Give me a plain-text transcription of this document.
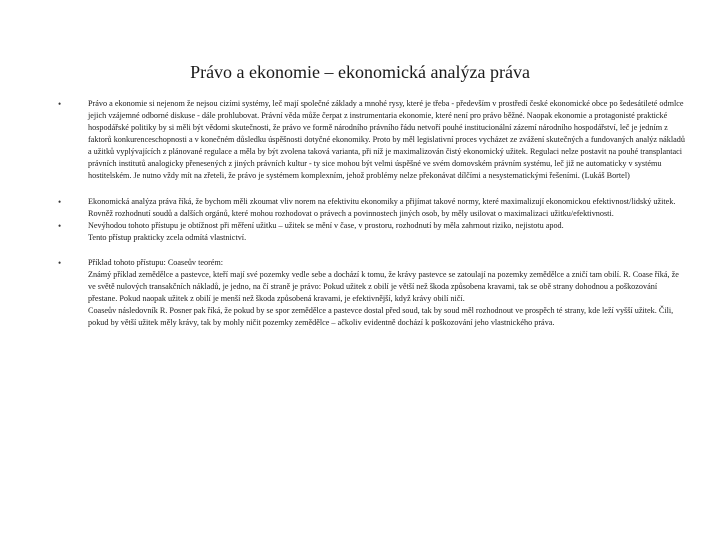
Právo a ekonomie – ekonomická analýza práva
•	Právo a ekonomie si nejenom že nejsou cizími systémy, leč mají společné základy a mnohé rysy, které je třeba - především v prostředí české ekonomické obce po šedesátileté odmlce jejich vzájemné odborné diskuse - dále prohlubovat. Právní věda může čerpat z instrumentaria ekonomie, které není pro právo běžné. Naopak ekonomie a protagonisté praktické hospodářské politiky by si měli být vědomi skutečnosti, že právo ve formě národního právního řádu netvoří pouhé institucionální zázemí národního hospodářství, leč je jedním z faktorů konkurenceschopnosti a v konečném důsledku úspěšnosti dotyčné ekonomiky. Proto by měl legislativní proces vycházet ze zvážení skutečných a fundovaných analýz nákladů a užitků vyplývajících z plánované regulace a měla by být zvolena taková varianta, při níž je maximalizován čistý ekonomický užitek. Regulaci nelze postavit na pouhé transplantaci právních institutů analogicky přenesených z jiných právních kultur - ty sice mohou být velmi úspěšné ve svém domovském právním systému, leč již ne automaticky v systému hostitelském. Je nutno vždy mít na zřeteli, že právo je systémem komplexním, jehož problémy nelze překonávat dílčími a nesystematickými řešeními. (Lukáš Bortel)

•	Ekonomická analýza práva říká, že bychom měli zkoumat vliv norem na efektivitu ekonomiky a přijímat takové normy, které maximalizují ekonomickou efektivnost/lidský užitek. Rovněž rozhodnutí soudů a dalších orgánů, které mohou rozhodovat o právech a povinnostech jiných osob, by měly usilovat o maximalizaci užitku/efektivnosti.

•	Nevýhodou tohoto přístupu je obtížnost při měření užitku – užitek se mění v čase, v prostoru, rozhodnutí by měla zahrnout riziko, nejistotu apod.
Tento přístup prakticky zcela odmítá vlastnictví.

•	Příklad tohoto přístupu: Coaseův teorém:
Známý příklad zemědělce a pastevce, kteří mají své pozemky vedle sebe a dochází k tomu, že krávy pastevce se zatoulají na pozemky zemědělce a zničí tam obilí. R. Coase říká, že ve světě nulových transakčních nákladů, je jedno, na čí straně je právo: Pokud užitek z obilí je větší než škoda způsobena kravami, tak se obě strany dohodnou a poškozování přestane. Pokud naopak užitek z obilí je menší než škoda způsobená kravami, je efektivnější, když krávy obilí ničí.
Coaseův následovník R. Posner pak říká, že pokud by se spor zemědělce a pastevce dostal před soud, tak by soud měl rozhodnout ve prospěch té strany, kde leží vyšší užitek. Čili, pokud by větší užitek měly krávy, tak by mohly ničit pozemky zemědělce – ačkoliv evidentně dochází k poškozování jeho vlastnického práva.
